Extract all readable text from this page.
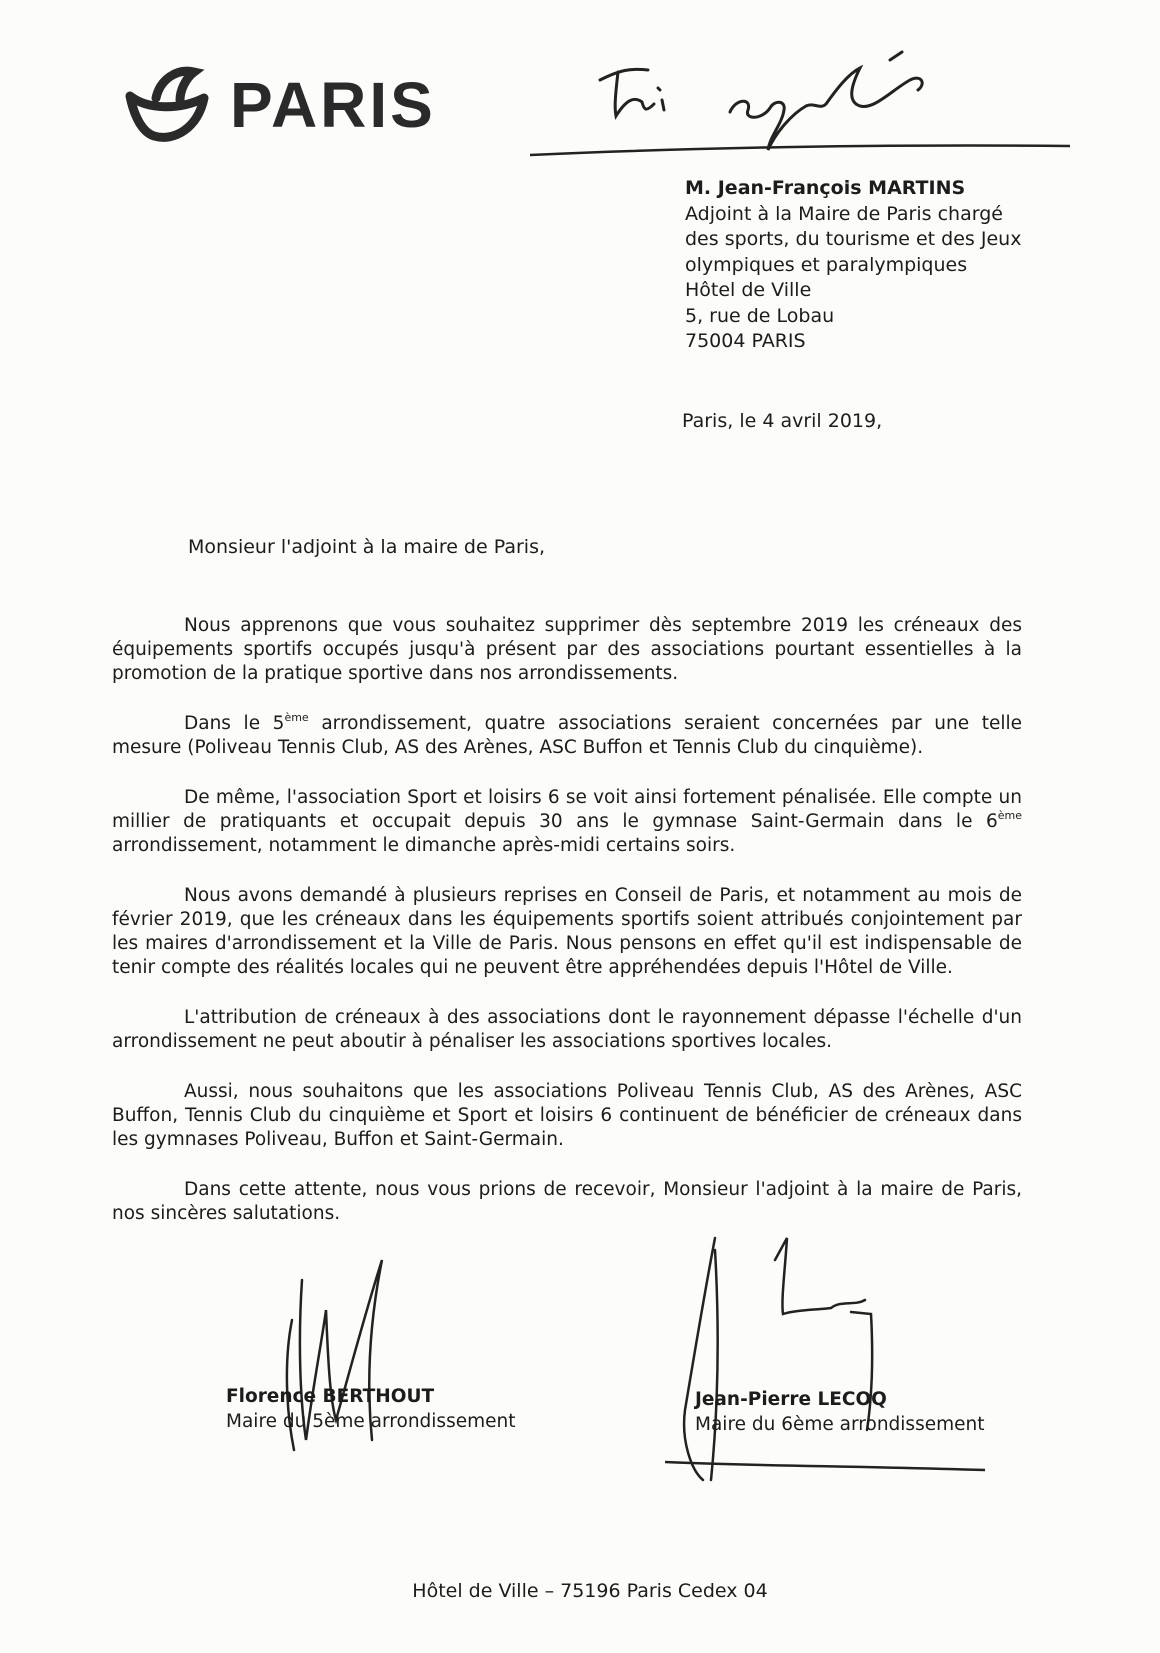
PARIS
M. Jean-François MARTINS
Adjoint à la Maire de Paris chargé
des sports, du tourisme et des Jeux
olympiques et paralympiques
Hôtel de Ville
5, rue de Lobau
75004 PARIS
Paris, le 4 avril 2019,
Monsieur l'adjoint à la maire de Paris,

Nous apprenons que vous souhaitez supprimer dès septembre 2019 les créneaux des équipements sportifs occupés jusqu'à présent par des associations pourtant essentielles à la promotion de la pratique sportive dans nos arrondissements.

Dans le 5ème arrondissement, quatre associations seraient concernées par une telle mesure (Poliveau Tennis Club, AS des Arènes, ASC Buffon et Tennis Club du cinquième).

De même, l'association Sport et loisirs 6 se voit ainsi fortement pénalisée. Elle compte un millier de pratiquants et occupait depuis 30 ans le gymnase Saint-Germain dans le 6ème arrondissement, notamment le dimanche après-midi certains soirs.

Nous avons demandé à plusieurs reprises en Conseil de Paris, et notamment au mois de février 2019, que les créneaux dans les équipements sportifs soient attribués conjointement par les maires d'arrondissement et la Ville de Paris. Nous pensons en effet qu'il est indispensable de tenir compte des réalités locales qui ne peuvent être appréhendées depuis l'Hôtel de Ville.

L'attribution de créneaux à des associations dont le rayonnement dépasse l'échelle d'un arrondissement ne peut aboutir à pénaliser les associations sportives locales.

Aussi, nous souhaitons que les associations Poliveau Tennis Club, AS des Arènes, ASC Buffon, Tennis Club du cinquième et Sport et loisirs 6 continuent de bénéficier de créneaux dans les gymnases Poliveau, Buffon et Saint-Germain.

Dans cette attente, nous vous prions de recevoir, Monsieur l'adjoint à la maire de Paris, nos sincères salutations.

Florence BERTHOUT
Maire du 5ème arrondissement
Jean-Pierre LECOQ
Maire du 6ème arrondissement
Hôtel de Ville – 75196 Paris Cedex 04
